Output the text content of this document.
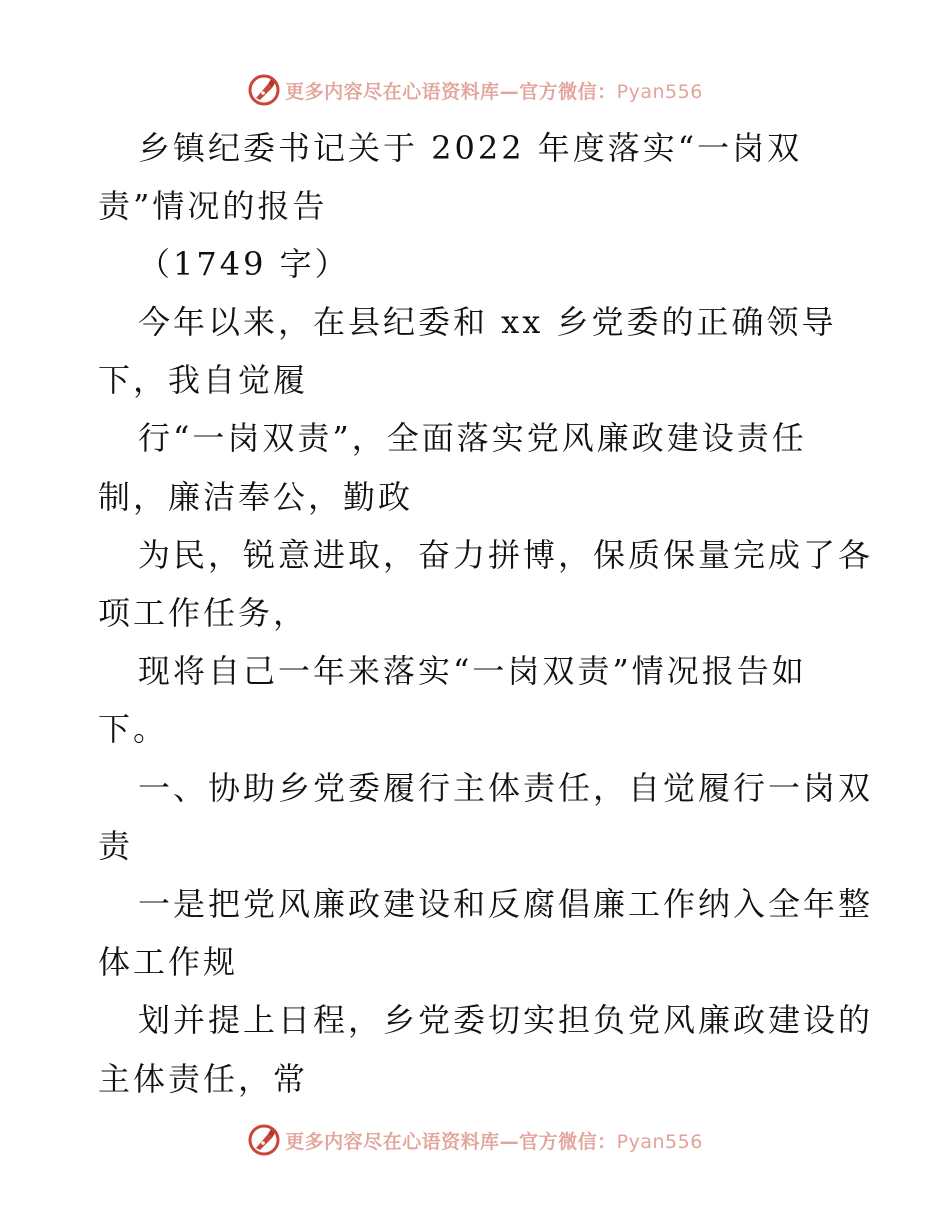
更多内容尽在心语资料库—官方微信：Pyan556
乡镇纪委书记关于 2022 年度落实“一岗双
责”情况的报告
（1749 字）
今年以来，在县纪委和 xx 乡党委的正确领导
下，我自觉履
行“一岗双责”，全面落实党风廉政建设责任
制，廉洁奉公，勤政
为民，锐意进取，奋力拼博，保质保量完成了各
项工作任务，
现将自己一年来落实“一岗双责”情况报告如
下。
一、协助乡党委履行主体责任，自觉履行一岗双
责
一是把党风廉政建设和反腐倡廉工作纳入全年整
体工作规
划并提上日程，乡党委切实担负党风廉政建设的
主体责任，常
更多内容尽在心语资料库—官方微信：Pyan556
